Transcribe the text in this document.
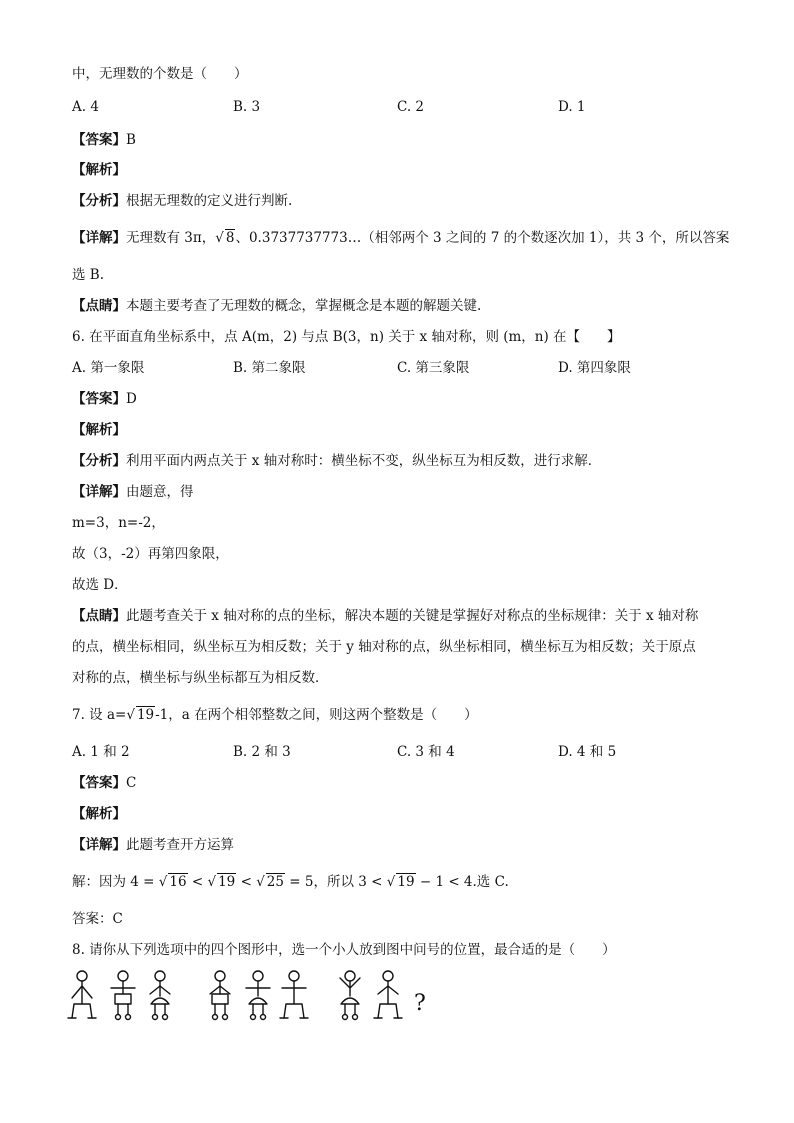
中，无理数的个数是（　　）
A. 4	B. 3	C. 2	D. 1
【答案】B
【解析】
【分析】根据无理数的定义进行判断.
【详解】无理数有 3π，√ 8、0.3737737773…（相邻两个 3 之间的 7 的个数逐次加 1），共 3 个，所以答案
选 B.
【点睛】本题主要考查了无理数的概念，掌握概念是本题的解题关键.
6. 在平面直角坐标系中，点 A(m，2) 与点 B(3，n) 关于 x 轴对称，则 (m，n) 在【　　】
A. 第一象限	B. 第二象限	C. 第三象限	D. 第四象限
【答案】D
【解析】
【分析】利用平面内两点关于 x 轴对称时：横坐标不变，纵坐标互为相反数，进行求解．
【详解】由题意，得
m=3，n=-2，
故（3，-2）再第四象限，
故选 D．
【点睛】此题考查关于 x 轴对称的点的坐标，解决本题的关键是掌握好对称点的坐标规律：关于 x 轴对称
的点，横坐标相同，纵坐标互为相反数；关于 y 轴对称的点，纵坐标相同，横坐标互为相反数；关于原点
对称的点，横坐标与纵坐标都互为相反数．
7. 设 a=√ 19-1，a 在两个相邻整数之间，则这两个整数是（　　）
A. 1 和 2	B. 2 和 3	C. 3 和 4	D. 4 和 5
【答案】C
【解析】
【详解】此题考查开方运算
解：因为 4 = √ 16 < √ 19 < √ 25 = 5，所以 3 < √ 19 − 1 < 4.选 C.
答案：C
8. 请你从下列选项中的四个图形中，选一个小人放到图中问号的位置，最合适的是（　　）
?
